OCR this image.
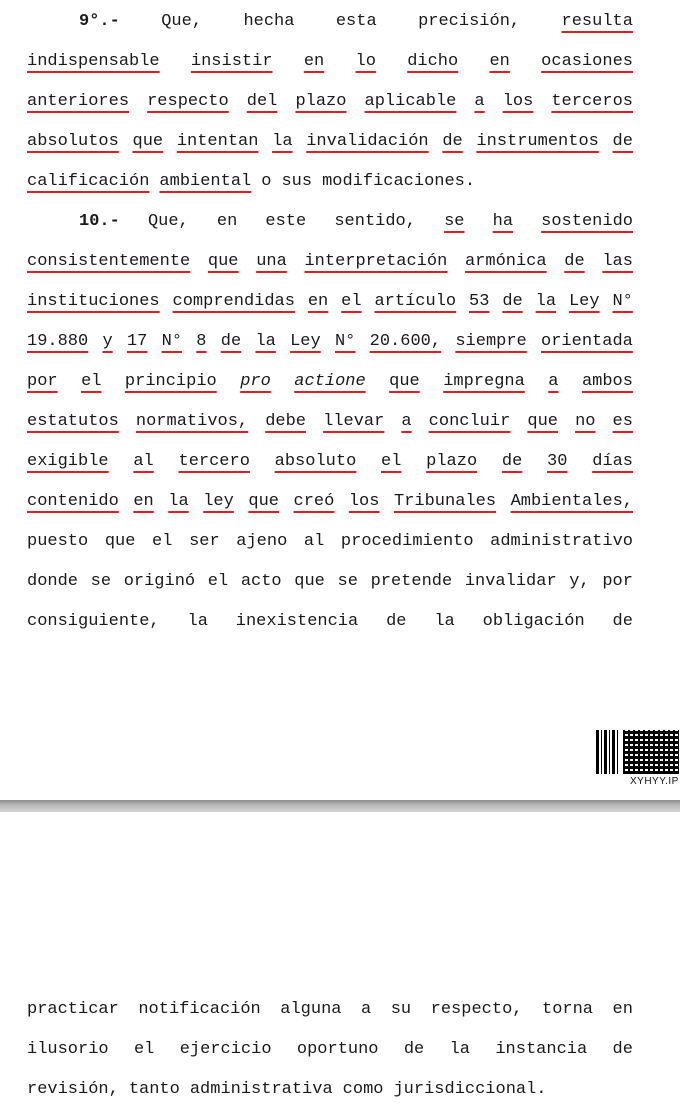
9°.- Que, hecha esta precisión, resulta
indispensable insistir en lo dicho en ocasiones
anteriores respecto del plazo aplicable a los terceros
absolutos que intentan la invalidación de instrumentos de
calificación ambiental o sus modificaciones.
10.- Que, en este sentido, se ha sostenido
consistentemente que una interpretación armónica de las
instituciones comprendidas en el artículo 53 de la Ley N°
19.880 y 17 N° 8 de la Ley N° 20.600, siempre orientada
por el principio pro actione que impregna a ambos
estatutos normativos, debe llevar a concluir que no es
exigible al tercero absoluto el plazo de 30 días
contenido en la ley que creó los Tribunales Ambientales,
puesto que el ser ajeno al procedimiento administrativo
donde se originó el acto que se pretende invalidar y, por
consiguiente, la inexistencia de la obligación de
XYHYY.IP
practicar notificación alguna a su respecto, torna en
ilusorio el ejercicio oportuno de la instancia de
revisión, tanto administrativa como jurisdiccional.
